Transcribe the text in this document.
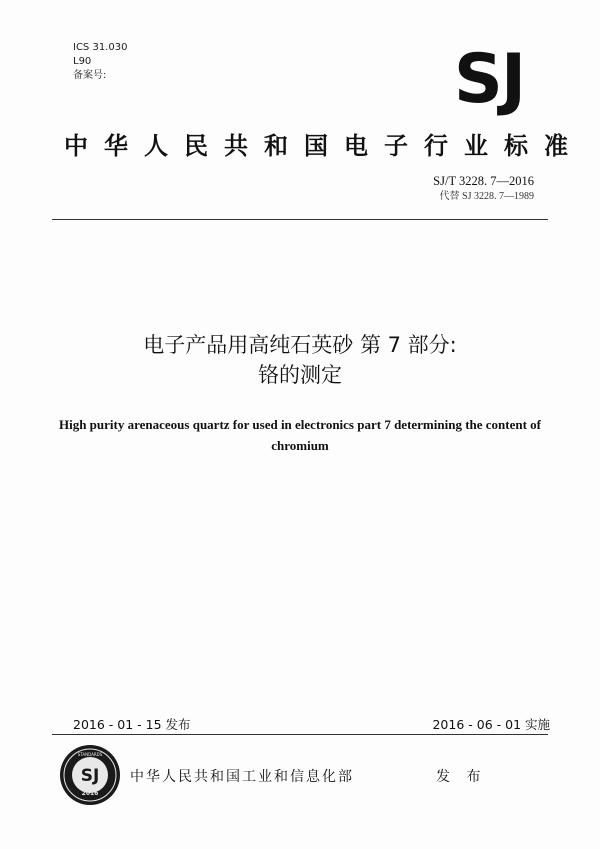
ICS 31.030
L90
备案号:	SJ
中华人民共和国电子行业标准
SJ/T 3228. 7—2016
代替 SJ 3228. 7—1989
电子产品用高纯石英砂 第 7 部分:
铬的测定
High purity arenaceous quartz for used in electronics part 7 determining the content of chromium
2016 - 01 - 15 发布	2016 - 06 - 01 实施
SJ
2016
STANDARDS
中华人民共和国工业和信息化部	发 布
